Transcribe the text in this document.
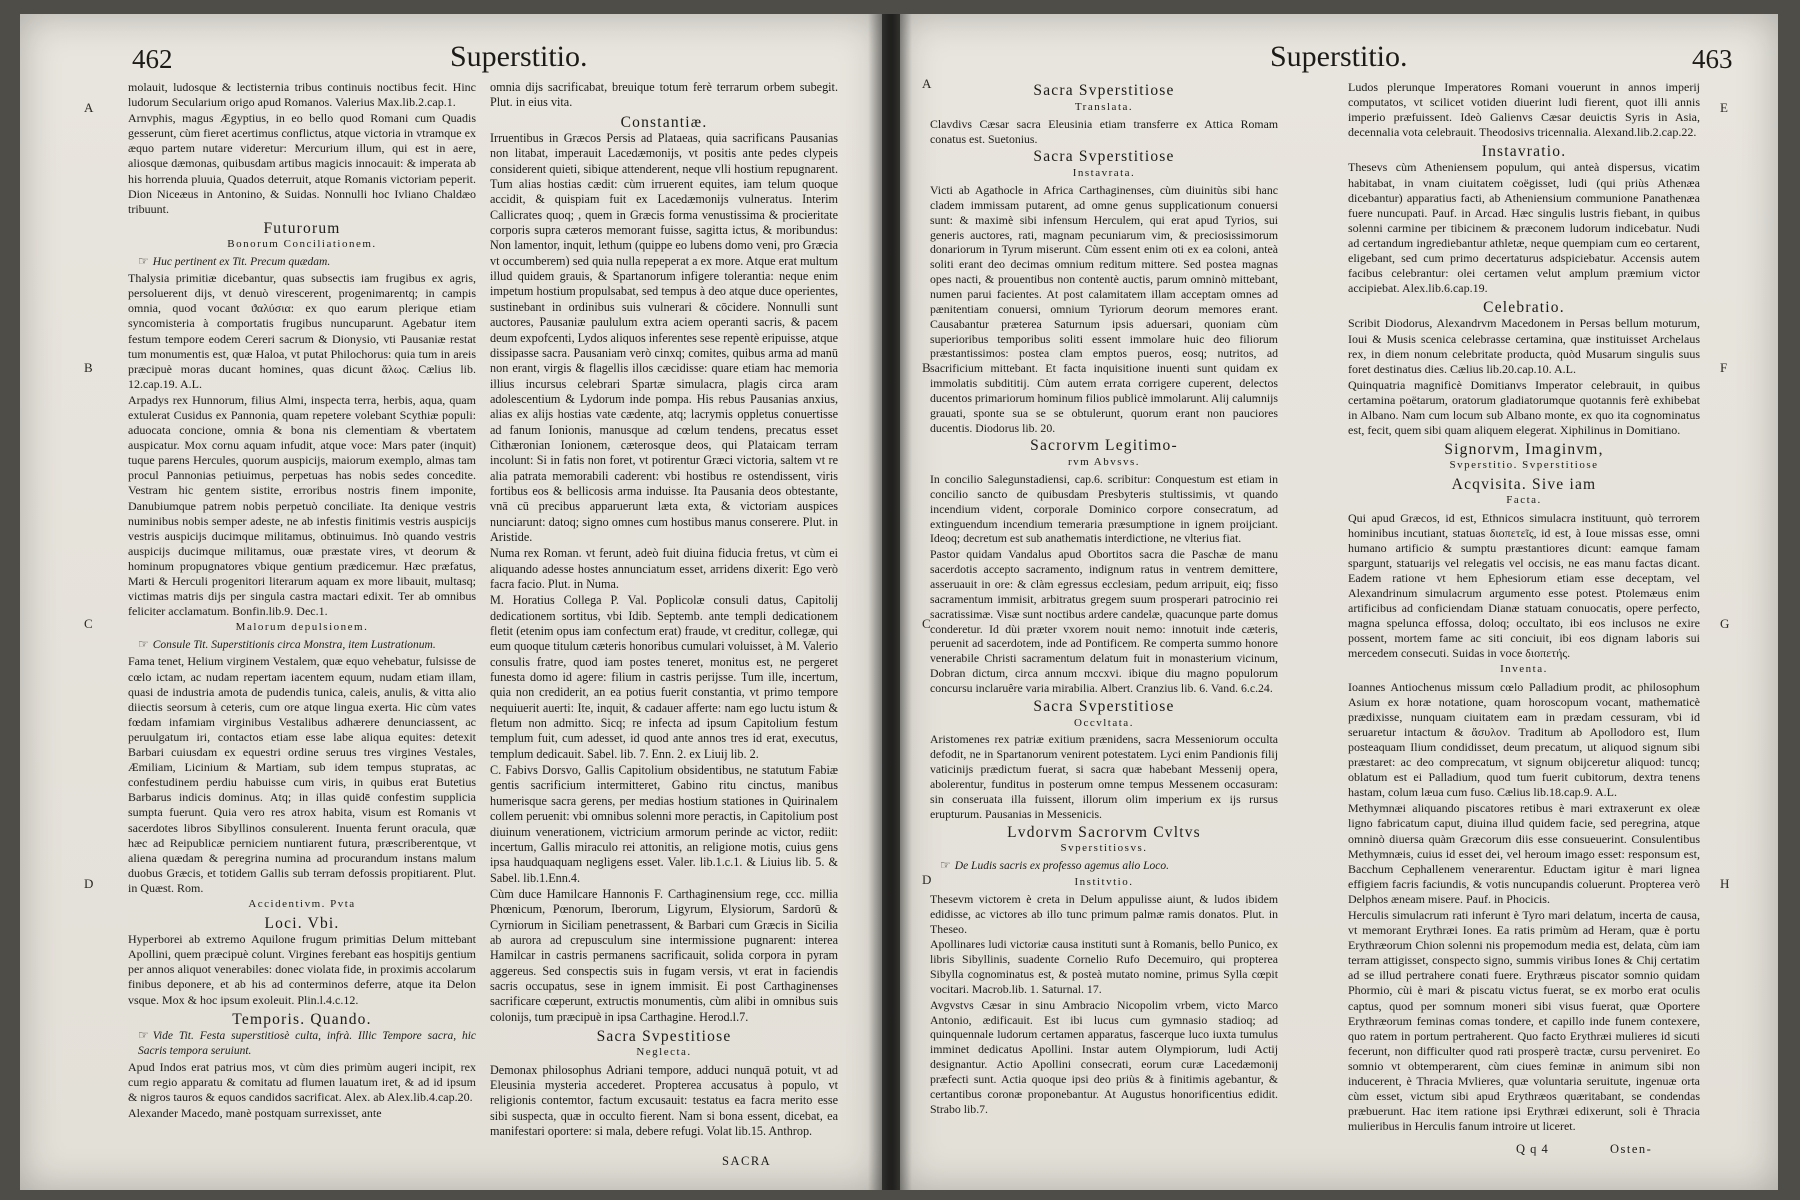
462	Superstitio.
A
B
C
D

molauit, ludosque & lectisternia tribus continuis noctibus fecit. Hinc ludorum Secularium origo apud Romanos. Valerius Max.lib.2.cap.1.

Arnvphis, magus Ægyptius, in eo bello quod Romani cum Quadis gesserunt, cùm fieret acertimus conflictus, atque victoria in vtramque ex æquo partem nutare videretur: Mercurium illum, qui est in aere, aliosque dæmonas, quibusdam artibus magicis innocauit: & imperata ab his horrenda pluuia, Quados deterruit, atque Romanis victoriam peperit. Dion Niceæus in Antonino, & Suidas. Nonnulli hoc Ivliano Chaldæo tribuunt.

Futurorum
Bonorum Conciliationem.

☞ Huc pertinent ex Tit. Precum quædam.

Thalysia primitiæ dicebantur, quas subsectis iam frugibus ex agris, persoluerent dijs, vt denuò virescerent, progenimarentq; in campis omnia, quod vocant ϑαλύσια: ex quo earum plerique etiam syncomisteria à comportatis frugibus nuncuparunt. Agebatur item festum tempore eodem Cereri sacrum & Dionysio, vti Pausaniæ restat tum monumentis est, quæ Haloa, vt putat Philochorus: quia tum in areis præcipuè moras ducant homines, quas dicunt ἅλως. Cælius lib. 12.cap.19. A.L.

Arpadys rex Hunnorum, filius Almi, inspecta terra, herbis, aqua, quam extulerat Cusidus ex Pannonia, quam repetere volebant Scythiæ populi: aduocata concione, omnia & bona nis clementiam & vbertatem auspicatur. Mox cornu aquam infudit, atque voce: Mars pater (inquit) tuque parens Hercules, quorum auspicijs, maiorum exemplo, almas tam procul Pannonias petiuimus, perpetuas has nobis sedes concedite. Vestram hic gentem sistite, erroribus nostris finem imponite, Danubiumque patrem nobis perpetuò conciliate. Ita denique vestris numinibus nobis semper adeste, ne ab infestis finitimis vestris auspicijs vestris auspicijs ducimque militamus, obtinuimus. Inò quando vestris auspicijs ducimque militamus, ouæ præstate vires, vt deorum & hominum propugnatores vbique gentium prædicemur. Hæc præfatus, Marti & Herculi progenitori literarum aquam ex more libauit, multasq; victimas matris dijs per singula castra mactari edixit. Ter ab omnibus feliciter acclamatum. Bonfin.lib.9. Dec.1.

Malorum depulsionem.

☞ Consule Tit. Superstitionis circa Monstra, item Lustrationum.

Fama tenet, Helium virginem Vestalem, quæ equo vehebatur, fulsisse de cœlo ictam, ac nudam repertam iacentem equum, nudam etiam illam, quasi de industria amota de pudendis tunica, caleis, anulis, & vitta alio diiectis seorsum à ceteris, cum ore atque lingua exerta. Hic cùm vates fœdam infamiam virginibus Vestalibus adhærere denunciassent, ac peruulgatum iri, contactos etiam esse labe aliqua equites: detexit Barbari cuiusdam ex equestri ordine seruus tres virgines Vestales, Æmiliam, Licinium & Martiam, sub idem tempus stupratas, ac confestudinem perdiu habuisse cum viris, in quibus erat Butetius Barbarus indicis dominus. Atq; in illas quidē confestim supplicia sumpta fuerunt. Quia vero res atrox habita, visum est Romanis vt sacerdotes libros Sibyllinos consulerent. Inuenta ferunt oracula, quæ hæc ad Reipublicæ perniciem nuntiarent futura, præscriberentque, vt aliena quædam & peregrina numina ad procurandum instans malum duobus Græcis, et totidem Gallis sub terram defossis propitiarent. Plut. in Quæst. Rom.

Accidentivm. Pvta
Loci. Vbi.

Hyperborei ab extremo Aquilone frugum primitias Delum mittebant Apollini, quem præcipuè colunt. Virgines ferebant eas hospitijs gentium per annos aliquot venerabiles: donec violata fide, in proximis accolarum finibus deponere, et ab his ad conterminos deferre, atque ita Delon vsque. Mox & hoc ipsum exoleuit. Plin.l.4.c.12.

Temporis. Quando.

☞ Vide Tit. Festa superstitiosè culta, infrà. Illic Tempore sacra, hic Sacris tempora seruiunt.

Apud Indos erat patrius mos, vt cùm dies primùm augeri incipit, rex cum regio apparatu & comitatu ad flumen lauatum iret, & ad id ipsum & nigros tauros & equos candidos sacrificat. Alex. ab Alex.lib.4.cap.20.

Alexander Macedo, manè postquam surrexisset, ante

omnia dijs sacrificabat, breuique totum ferè terrarum orbem subegit. Plut. in eius vita.

Constantiæ.

Irruentibus in Græcos Persis ad Plataeas, quia sacrificans Pausanias non litabat, imperauit Lacedæmonijs, vt positis ante pedes clypeis considerent quieti, sibique attenderent, neque vlli hostium repugnarent. Tum alias hostias cædit: cùm irruerent equites, iam telum quoque accidit, & quispiam fuit ex Lacedæmonijs vulneratus. Interim Callicrates quoq; , quem in Græcis forma venustissima & procieritate corporis supra cæteros memorant fuisse, sagitta ictus, & moribundus: Non lamentor, inquit, lethum (quippe eo lubens domo veni, pro Græcia vt occumberem) sed quia nulla repeperat a ex more. Atque erat multum illud quidem grauis, & Spartanorum infigere tolerantia: neque enim impetum hostium propulsabat, sed tempus à deo atque duce operientes, sustinebant in ordinibus suis vulnerari & cōcidere. Nonnulli sunt auctores, Pausaniæ paululum extra aciem operanti sacris, & pacem deum expofcenti, Lydos aliquos inferentes sese repentè eripuisse, atque dissipasse sacra. Pausaniam verò cinxq; comites, quibus arma ad manū non erant, virgis & flagellis illos cæcidisse: quare etiam hac memoria illius incursus celebrari Spartæ simulacra, plagis circa aram adolescentium & Lydorum inde pompa. His rebus Pausanias anxius, alias ex alijs hostias vate cædente, atq; lacrymis oppletus conuertisse ad fanum Ionionis, manusque ad cœlum tendens, precatus esset Cithæronian Ionionem, cæterosque deos, qui Plataicam terram incolunt: Si in fatis non foret, vt potirentur Græci victoria, saltem vt re alia patrata memorabili caderent: vbi hostibus re ostendissent, viris fortibus eos & bellicosis arma induisse. Ita Pausania deos obtestante, vnā cū precibus apparuerunt læta exta, & victoriam auspices nunciarunt: datoq; signo omnes cum hostibus manus conserere. Plut. in Aristide.

Numa rex Roman. vt ferunt, adeò fuit diuina fiducia fretus, vt cùm ei aliquando adesse hostes annunciatum esset, arridens dixerit: Ego verò facra facio. Plut. in Numa.

M. Horatius Collega P. Val. Poplicolæ consuli datus, Capitolij dedicationem sortitus, vbi Idib. Septemb. ante templi dedicationem fletit (etenim opus iam confectum erat) fraude, vt creditur, collegæ, qui eum quoque titulum cæteris honoribus cumulari voluisset, à M. Valerio consulis fratre, quod iam postes teneret, monitus est, ne pergeret funesta domo id agere: filium in castris perijsse. Tum ille, incertum, quia non crediderit, an ea potius fuerit constantia, vt primo tempore nequiuerit auerti: Ite, inquit, & cadauer afferte: nam ego luctu istum & fletum non admitto. Sicq; re infecta ad ipsum Capitolium festum templum fuit, cum adesset, id quod ante annos tres id erat, executus, templum dedicauit. Sabel. lib. 7. Enn. 2. ex Liuij lib. 2.

C. Fabivs Dorsvo, Gallis Capitolium obsidentibus, ne statutum Fabiæ gentis sacrificium intermitteret, Gabino ritu cinctus, manibus humerisque sacra gerens, per medias hostium stationes in Quirinalem collem peruenit: vbi omnibus solenni more peractis, in Capitolium post diuinum venerationem, victricium armorum perinde ac victor, rediit: incertum, Gallis miraculo rei attonitis, an religione motis, cuius gens ipsa haudquaquam negligens esset. Valer. lib.1.c.1. & Liuius lib. 5. & Sabel. lib.1.Enn.4.

Cùm duce Hamilcare Hannonis F. Carthaginensium rege, ccc. millia Phœnicum, Pœnorum, Iberorum, Ligyrum, Elysiorum, Sardorū & Cyrniorum in Siciliam penetrassent, & Barbari cum Græcis in Sicilia ab aurora ad crepusculum sine intermissione pugnarent: interea Hamilcar in castris permanens sacrificauit, solida corpora in pyram aggereus. Sed conspectis suis in fugam versis, vt erat in faciendis sacris occupatus, sese in ignem immisit. Ei post Carthaginenses sacrificare cœperunt, extructis monumentis, cùm alibi in omnibus suis colonijs, tum præcipuè in ipsa Carthagine. Herod.l.7.

Sacra Svpestitiose
Neglecta.

Demonax philosophus Adriani tempore, adduci nunquā potuit, vt ad Eleusinia mysteria accederet. Propterea accusatus à populo, vt religionis contemtor, factum excusauit: testatus ea facra merito esse sibi suspecta, quæ in occulto fierent. Nam si bona essent, dicebat, ea manifestari oportere: si mala, debere refugi. Volat lib.15. Anthrop.

SACRA
Superstitio.	463
A
B
C
D
E
F
G
H
Sacra Svperstitiose
Translata.

Clavdivs Cæsar sacra Eleusinia etiam transferre ex Attica Romam conatus est. Suetonius.

Sacra Svperstitiose
Instavrata.

Victi ab Agathocle in Africa Carthaginenses, cùm diuinitùs sibi hanc cladem immissam putarent, ad omne genus supplicationum conuersi sunt: & maximè sibi infensum Herculem, qui erat apud Tyrios, sui generis auctores, rati, magnam pecuniarum vim, & preciosissimorum donariorum in Tyrum miserunt. Cùm essent enim oti ex ea coloni, anteà soliti erant deo decimas omnium reditum mittere. Sed postea magnas opes nacti, & prouentibus non contentè auctis, parum omninò mittebant, numen parui facientes. At post calamitatem illam acceptam omnes ad pænitentiam conuersi, omnium Tyriorum deorum memores erant. Causabantur præterea Saturnum ipsis aduersari, quoniam cùm superioribus temporibus soliti essent immolare huic deo filiorum præstantissimos: postea clam emptos pueros, eosq; nutritos, ad sacrificium mittebant. Et facta inquisitione inuenti sunt quidam ex immolatis subdititij. Cùm autem errata corrigere cuperent, delectos ducentos primariorum hominum filios publicè immolarunt. Alij calumnijs grauati, sponte sua se se obtulerunt, quorum erant non pauciores ducentis. Diodorus lib. 20.

Sacrorvm Legitimo-
rvm Abvsvs.

In concilio Salegunstadiensi, cap.6. scribitur: Conquestum est etiam in concilio sancto de quibusdam Presbyteris stultissimis, vt quando incendium vident, corporale Dominico corpore consecratum, ad extinguendum incendium temeraria præsumptione in ignem proijciant. Ideoq; decretum est sub anathematis interdictione, ne vlterius fiat.

Pastor quidam Vandalus apud Obortitos sacra die Paschæ de manu sacerdotis accepto sacramento, indignum ratus in ventrem demittere, asseruauit in ore: & clàm egressus ecclesiam, pedum arripuit, eiq; fisso sacramentum immisit, arbitratus gregem suum prosperari patrocinio rei sacratissimæ. Visæ sunt noctibus ardere candelæ, quacunque parte domus conderetur. Id dùi præter vxorem nouit nemo: innotuit inde cæteris, peruenit ad sacerdotem, inde ad Pontificem. Re comperta summo honore venerabile Christi sacramentum delatum fuit in monasterium vicinum, Dobran dictum, circa annum mccxvi. ibique diu magno populorum concursu inclaruêre varia mirabilia. Albert. Cranzius lib. 6. Vand. 6.c.24.

Sacra Svperstitiose
Occvltata.

Aristomenes rex patriæ exitium prænidens, sacra Messeniorum occulta defodit, ne in Spartanorum venirent potestatem. Lyci enim Pandionis filij vaticinijs prædictum fuerat, si sacra quæ habebant Messenij opera, abolerentur, funditus in posterum omne tempus Messenem occasuram: sin conseruata illa fuissent, illorum olim imperium ex ijs rursus erupturum. Pausanias in Messenicis.

Lvdorvm Sacrorvm Cvltvs
Svperstitiosvs.

☞ De Ludis sacris ex professo agemus alio Loco.

Institvtio.

Thesevm victorem è creta in Delum appulisse aiunt, & ludos ibidem edidisse, ac victores ab illo tunc primum palmæ ramis donatos. Plut. in Theseo.

Apollinares ludi victoriæ causa instituti sunt à Romanis, bello Punico, ex libris Sibyllinis, suadente Cornelio Rufo Decemuiro, qui propterea Sibylla cognominatus est, & posteà mutato nomine, primus Sylla cœpit vocitari. Macrob.lib. 1. Saturnal. 17.

Avgvstvs Cæsar in sinu Ambracio Nicopolim vrbem, victo Marco Antonio, ædificauit. Est ibi lucus cum gymnasio stadioq; ad quinquennale ludorum certamen apparatus, fascerque luco iuxta tumulus imminet dedicatus Apollini. Instar autem Olympiorum, ludi Actij designantur. Actio Apollini consecrati, eorum curæ Lacedæmonij præfecti sunt. Actia quoque ipsi deo priùs & à finitimis agebantur, & certantibus coronæ proponebantur. At Augustus honorificentius edidit. Strabo lib.7.

Ludos plerunque Imperatores Romani vouerunt in annos imperij computatos, vt scilicet votiden diuerint ludi fierent, quot illi annis imperio præfuissent. Ideò Galienvs Cæsar deuictis Syris in Asia, decennalia vota celebrauit. Theodosivs tricennalia. Alexand.lib.2.cap.22.

Instavratio.

Thesevs cùm Atheniensem populum, qui anteà dispersus, vicatim habitabat, in vnam ciuitatem coëgisset, ludi (qui priùs Athenæa dicebantur) apparatius facti, ab Atheniensium communione Panathenæa fuere nuncupati. Pauf. in Arcad. Hæc singulis lustris fiebant, in quibus solenni carmine per tibicinem & præconem ludorum indicebatur. Nudi ad certandum ingrediebantur athletæ, neque quempiam cum eo certarent, eligebant, sed cum primo decertaturus adspiciebatur. Accensis autem facibus celebrantur: olei certamen velut amplum præmium victor accipiebat. Alex.lib.6.cap.19.

Celebratio.

Scribit Diodorus, Alexandrvm Macedonem in Persas bellum moturum, Ioui & Musis scenica celebrasse certamina, quæ instituisset Archelaus rex, in diem nonum celebritate producta, quòd Musarum singulis suus foret destinatus dies. Cælius lib.20.cap.10. A.L.

Quinquatria magnificè Domitianvs Imperator celebrauit, in quibus certamina poëtarum, oratorum gladiatorumque quotannis ferè exhibebat in Albano. Nam cum locum sub Albano monte, ex quo ita cognominatus est, fecit, quem sibi quam aliquem elegerat. Xiphilinus in Domitiano.

Signorvm, Imaginvm,
Svperstitio. Svperstitiose
Acqvisita. Sive iam
Facta.

Qui apud Græcos, id est, Ethnicos simulacra instituunt, quò terrorem hominibus incutiant, statuas διοπετεῖς, id est, à Ioue missas esse, omni humano artificio & sumptu præstantiores dicunt: eamque famam spargunt, statuarijs vel relegatis vel occisis, ne eas manu factas dicant. Eadem ratione vt hem Ephesiorum etiam esse deceptam, vel Alexandrinum simulacrum argumento esse potest. Ptolemæus enim artificibus ad conficiendam Dianæ statuam conuocatis, opere perfecto, magna spelunca effossa, doloq; occultato, ibi eos inclusos ne exire possent, mortem fame ac siti conciuit, ibi eos dignam laboris sui mercedem consecuti. Suidas in voce διοπετής.

Inventa.

Ioannes Antiochenus missum cœlo Palladium prodit, ac philosophum Asium ex horæ notatione, quam horoscopum vocant, mathematicè prædixisse, nunquam ciuitatem eam in prædam cessuram, vbi id seruaretur intactum & ἄσυλον. Traditum ab Apollodoro est, Ilum posteaquam Ilium condidisset, deum precatum, ut aliquod signum sibi præstaret: ac deo comprecatum, vt signum obijceretur aliquod: tuncq; oblatum est ei Palladium, quod tum fuerit cubitorum, dextra tenens hastam, colum læua cum fuso. Cælius lib.18.cap.9. A.L.

Methymnæi aliquando piscatores retibus è mari extraxerunt ex oleæ ligno fabricatum caput, diuina illud quidem facie, sed peregrina, atque omninò diuersa quàm Græcorum diis esse consueuerint. Consulentibus Methymnæis, cuius id esset dei, vel heroum imago esset: responsum est, Bacchum Cephallenem venerarentur. Eductam igitur è mari lignea effigiem facris faciundis, & votis nuncupandis coluerunt. Propterea verò Delphos æneam misere. Pauf. in Phocicis.

Herculis simulacrum rati inferunt è Tyro mari delatum, incerta de causa, vt memorant Erythræi Iones. Ea ratis primùm ad Heram, quæ è portu Erythræorum Chion solenni nis propemodum media est, delata, cùm iam terram attigisset, conspecto signo, summis viribus Iones & Chij certatim ad se illud pertrahere conati fuere. Erythræus piscator somnio quidam Phormio, cùi è mari & piscatu victus fuerat, se ex morbo erat oculis captus, quod per somnum moneri sibi visus fuerat, quæ Oportere Erythræorum feminas comas tondere, et capillo inde funem contexere, quo ratem in portum pertraherent. Quo facto Erythræi mulieres id sicuti fecerunt, non difficulter quod rati prosperè tractæ, cursu perveniret. Eo somnio vt obtemperarent, cùm ciues feminæ in animum sibi non inducerent, è Thracia Mvlieres, quæ voluntaria seruitute, ingenuæ orta cùm esset, victum sibi apud Erythræos quæritabant, se condendas præbuerunt. Hac item ratione ipsi Erythræi edixerunt, soli è Thracia mulieribus in Herculis fanum introire ut liceret.

Q q 4	Osten-
